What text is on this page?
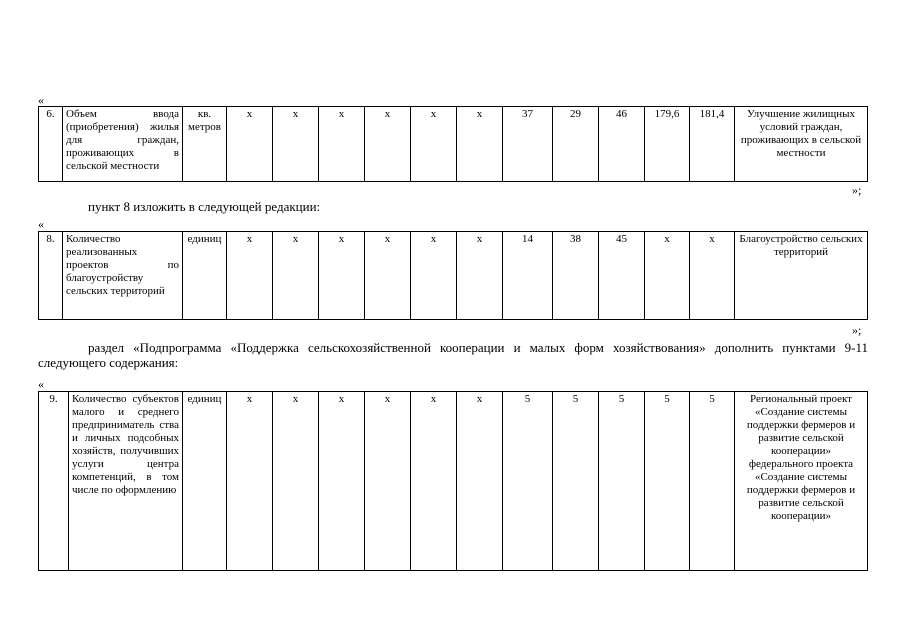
«
6.	Объем ввода (приобретения) жилья для граждан, проживающих в сельской местности	кв. метров	х	х	х	х	х	х	37	29	46	179,6	181,4	Улучшение жилищных условий граждан, проживающих в сельской местности
»;
пункт 8 изложить в следующей редакции:
«
8.	Количество реализованных проектов по благоустройству сельских территорий	единиц	х	х	х	х	х	х	14	38	45	х	х	Благоустройство сельских территорий
»;
раздел «Подпрограмма «Поддержка сельскохозяйственной кооперации и малых форм хозяйствования» дополнить пунктами 9-11 следующего содержания:
«
9.	Количество субъектов малого и среднего предприниматель ства и личных подсобных хозяйств, получивших услуги центра компетенций, в том числе по оформлению	единиц	х	х	х	х	х	х	5	5	5	5	5	Региональный проект «Создание системы поддержки фермеров и развитие сельской кооперации» федерального проекта «Создание системы поддержки фермеров и развитие сельской кооперации»
